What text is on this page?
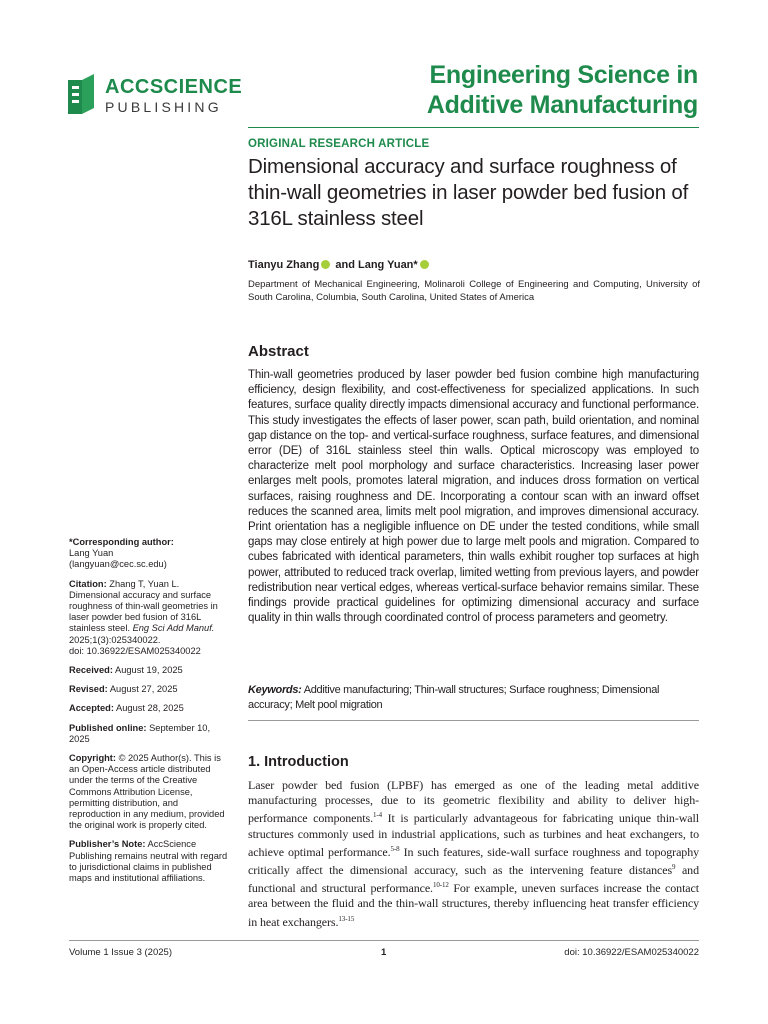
ACCSCIENCE
PUBLISHING
Engineering Science in
Additive Manufacturing
ORIGINAL RESEARCH ARTICLE
Dimensional accuracy and surface roughness of thin-wall geometries in laser powder bed fusion of 316L stainless steel
Tianyu Zhang and Lang Yuan*
Department of Mechanical Engineering, Molinaroli College of Engineering and Computing, University of South Carolina, Columbia, South Carolina, United States of America
Abstract
Thin-wall geometries produced by laser powder bed fusion combine high manufacturing efficiency, design flexibility, and cost-effectiveness for specialized applications. In such features, surface quality directly impacts dimensional accuracy and functional performance. This study investigates the effects of laser power, scan path, build orientation, and nominal gap distance on the top- and vertical-surface roughness, surface features, and dimensional error (DE) of 316L stainless steel thin walls. Optical microscopy was employed to characterize melt pool morphology and surface characteristics. Increasing laser power enlarges melt pools, promotes lateral migration, and induces dross formation on vertical surfaces, raising roughness and DE. Incorporating a contour scan with an inward offset reduces the scanned area, limits melt pool migration, and improves dimensional accuracy. Print orientation has a negligible influence on DE under the tested conditions, while small gaps may close entirely at high power due to large melt pools and migration. Compared to cubes fabricated with identical parameters, thin walls exhibit rougher top surfaces at high power, attributed to reduced track overlap, limited wetting from previous layers, and powder redistribution near vertical edges, whereas vertical-surface behavior remains similar. These findings provide practical guidelines for optimizing dimensional accuracy and surface quality in thin walls through coordinated control of process parameters and geometry.
Keywords: Additive manufacturing; Thin-wall structures; Surface roughness; Dimensional accuracy; Melt pool migration
1. Introduction
Laser powder bed fusion (LPBF) has emerged as one of the leading metal additive manufacturing processes, due to its geometric flexibility and ability to deliver high-performance components.$^{1-4}$ It is particularly advantageous for fabricating unique thin-wall structures commonly used in industrial applications, such as turbines and heat exchangers, to achieve optimal performance.$^{5-8}$ In such features, side-wall surface roughness and topography critically affect the dimensional accuracy, such as the intervening feature distances$^9$ and functional and structural performance.$^{10-12}$ For example, uneven surfaces increase the contact area between the fluid and the thin-wall structures, thereby influencing heat transfer efficiency in heat exchangers.$^{13-15}$
*Corresponding author:
Lang Yuan
(langyuan@cec.sc.edu)
Citation: Zhang T, Yuan L. Dimensional accuracy and surface roughness of thin-wall geometries in laser powder bed fusion of 316L stainless steel. Eng Sci Add Manuf. 2025;1(3):025340022.
doi: 10.36922/ESAM025340022
Received: August 19, 2025
Revised: August 27, 2025
Accepted: August 28, 2025
Published online: September 10, 2025
Copyright: © 2025 Author(s). This is an Open-Access article distributed under the terms of the Creative Commons Attribution License, permitting distribution, and reproduction in any medium, provided the original work is properly cited.
Publisher’s Note: AccScience Publishing remains neutral with regard to jurisdictional claims in published maps and institutional affiliations.
Volume 1 Issue 3 (2025)	1	doi: 10.36922/ESAM025340022
